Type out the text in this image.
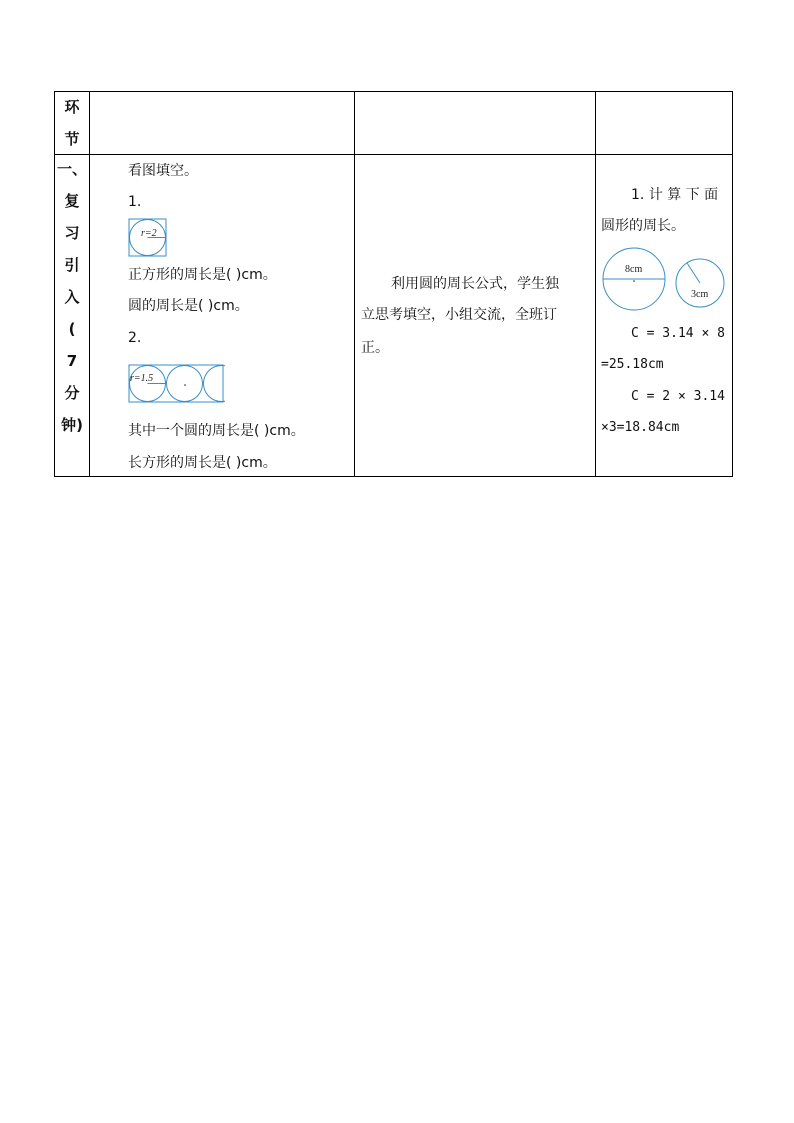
环
节
一、
复
习
引
入
(
7
分
钟)
看图填空。
1.
r=2
正方形的周长是( )cm。
圆的周长是( )cm。
2.
r=1.5
其中一个圆的周长是( )cm。
长方形的周长是( )cm。
利用圆的周长公式，学生独
立思考填空，小组交流，全班订
正。
1. 计 算 下 面
圆形的周长。
8cm
3cm
C = 3.14 × 8
=25.18cm
C = 2 × 3.14
×3=18.84cm
